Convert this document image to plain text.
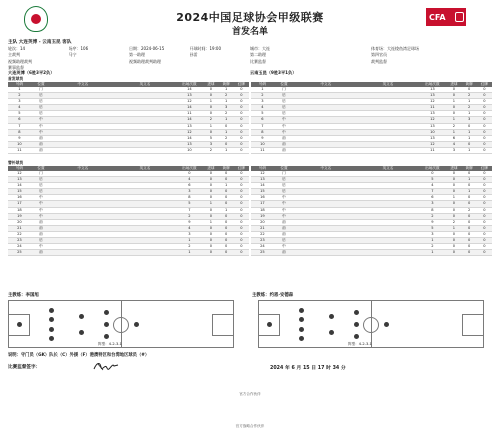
2024中国足球协会甲级联赛
首发名单
CFA
主队 大连英博 - 云南玉昆 客队
轮次：14	场序：106	日期：2024-06-15	开球时间：19:00	城市：大连	体育场：大连梭鱼湾足球场
主裁判	马宁	第一助理	孙雷	第二助理	第四官员
视频助理裁判	视频助理裁判助理	比赛监督	裁判监督
赛事监督
大连英博（6胜3平2负）	云南玉昆（9胜3平1负）
首发球员
号码	位置	中文名	英文名	出场次数	进球	黄牌	红牌
1	门			14	0	1	0
2	后			13	0	2	0
3	后			12	1	1	0
4	后			14	0	3	0
5	后			11	0	2	0
6	中			14	2	1	0
7	中			13	1	0	0
8	中			12	0	1	0
9	前			14	5	2	0
10	前			13	3	0	0
11	前			10	2	1	0
号码	位置	中文名	英文名	出场次数	进球	黄牌	红牌
1	门			13	0	0	0
2	后			13	0	2	0
3	后			12	1	1	0
4	后			11	0	2	0
5	后			13	0	1	0
6	中			12	1	3	0
7	中			13	2	0	0
8	中			10	1	1	0
9	前			13	6	1	0
10	前			12	4	0	0
11	前			11	3	1	0
替补球员
号码	位置	中文名	英文名	出场次数	进球	黄牌	红牌
12	门			0	0	0	0
13	后			4	0	0	0
14	后			6	0	1	0
15	后			3	0	0	0
16	中			8	0	0	0
17	中			5	1	0	0
18	中			7	0	1	0
19	中			2	0	0	0
20	前			9	1	0	0
21	前			4	0	0	0
22	前			3	0	0	0
23	后			1	0	0	0
24	中			2	0	0	0
25	前			1	0	0	0
号码	位置	中文名	英文名	出场次数	进球	黄牌	红牌
12	门			0	0	0	0
13	后			5	0	1	0
14	后			4	0	0	0
15	后			7	0	1	0
16	中			6	1	0	0
17	中			3	0	0	0
18	中			8	0	2	0
19	中			2	0	0	0
20	前			9	2	0	0
21	前			5	1	0	0
22	前			3	0	0	0
23	后			1	0	0	0
24	中			2	0	0	0
25	前			1	0	0	0
主教练：李国旭	主教练：约恩·安德森
阵型：4-2-3-1	阵型：4-2-3-1
说明：守门员（GK）队长（C）外援（F）港澳特区和台湾地区球员（#）
比赛监督签字：	2024 年 6 月 15 日 17 时 34 分
官方合作伙伴
官方战略合作伙伴
